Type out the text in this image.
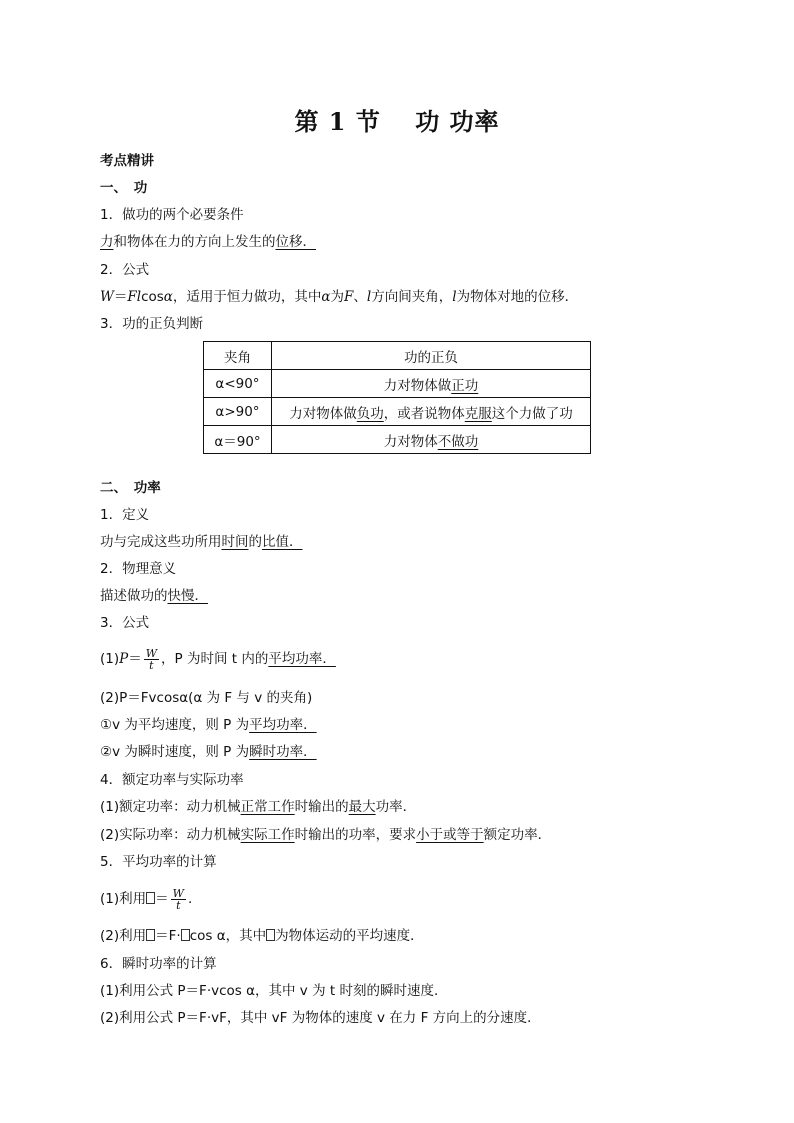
第 1 节　 功 功率
考点精讲
一、　功
1．做功的两个必要条件
力和物体在力的方向上发生的位移．
2．公式
W＝Flcosα，适用于恒力做功，其中α为F、l方向间夹角，l为物体对地的位移．
3．功的正负判断
夹角	功的正负
α<90°	力对物体做正功
α>90°	力对物体做负功，或者说物体克服这个力做了功
α＝90°	力对物体不做功
二、　功率
1．定义
功与完成这些功所用时间的比值．
2．物理意义
描述做功的快慢．
3．公式
$(1)P= \frac{W}{t}$ ，P 为时间 t 内的平均功率．
(2)P＝Fvcosα(α 为 F 与 v 的夹角)
①v 为平均速度，则 P 为平均功率．
②v 为瞬时速度，则 P 为瞬时功率．
4．额定功率与实际功率
(1)额定功率：动力机械正常工作时输出的最大功率．
(2)实际功率：动力机械实际工作时输出的功率，要求小于或等于额定功率．
5．平均功率的计算
(1)利用 ＝ $\frac{W}{t}$ .
(2)利用 ＝F· cos α，其中 为物体运动的平均速度．
6．瞬时功率的计算
(1)利用公式 P＝F·vcos α，其中 v 为 t 时刻的瞬时速度．
(2)利用公式 P＝F·vF，其中 vF 为物体的速度 v 在力 F 方向上的分速度．
